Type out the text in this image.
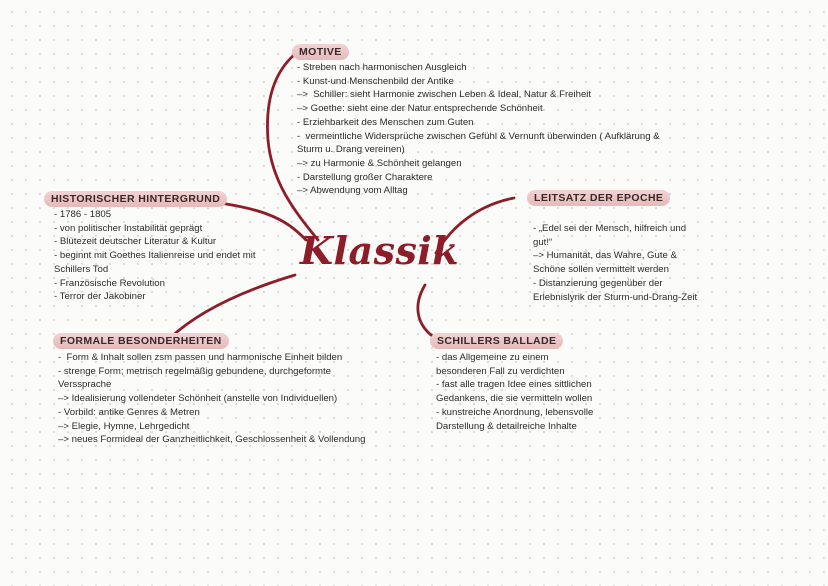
Klassik
MOTIVE
- Streben nach harmonischen Ausgleich
- Kunst-und Menschenbild der Antike
–>  Schiller: sieht Harmonie zwischen Leben & Ideal, Natur & Freiheit
–> Goethe: sieht eine der Natur entsprechende Schönheit
- Erziehbarkeit des Menschen zum Guten
-  vermeintliche Widersprüche zwischen Gefühl & Vernunft überwinden ( Aufklärung &
Sturm u. Drang vereinen)
–> zu Harmonie & Schönheit gelangen
- Darstellung großer Charaktere
–> Abwendung vom Alltag
HISTORISCHER HINTERGRUND
- 1786 - 1805
- von politischer Instabilität geprägt
- Blütezeit deutscher Literatur & Kultur
- beginnt mit Goethes Italienreise und endet mit
Schillers Tod
- Französische Revolution
- Terror der Jakobiner
LEITSATZ DER EPOCHE
- „Edel sei der Mensch, hilfreich und
gut!“
–> Humanität, das Wahre, Gute &
Schöne sollen vermittelt werden
- Distanzierung gegenüber der
Erlebnislyrik der Sturm-und-Drang-Zeit
FORMALE BESONDERHEITEN
-  Form & Inhalt sollen zsm passen und harmonische Einheit bilden
- strenge Form; metrisch regelmäßig gebundene, durchgeformte
Verssprache
–> Idealisierung vollendeter Schönheit (anstelle von Individuellen)
- Vorbild: antike Genres & Metren
–> Elegie, Hymne, Lehrgedicht
–> neues Formideal der Ganzheitlichkeit, Geschlossenheit & Vollendung
SCHILLERS BALLADE
- das Allgemeine zu einem
besonderen Fall zu verdichten
- fast alle tragen Idee eines sittlichen
Gedankens, die sie vermitteln wollen
- kunstreiche Anordnung, lebensvolle
Darstellung & detailreiche Inhalte
